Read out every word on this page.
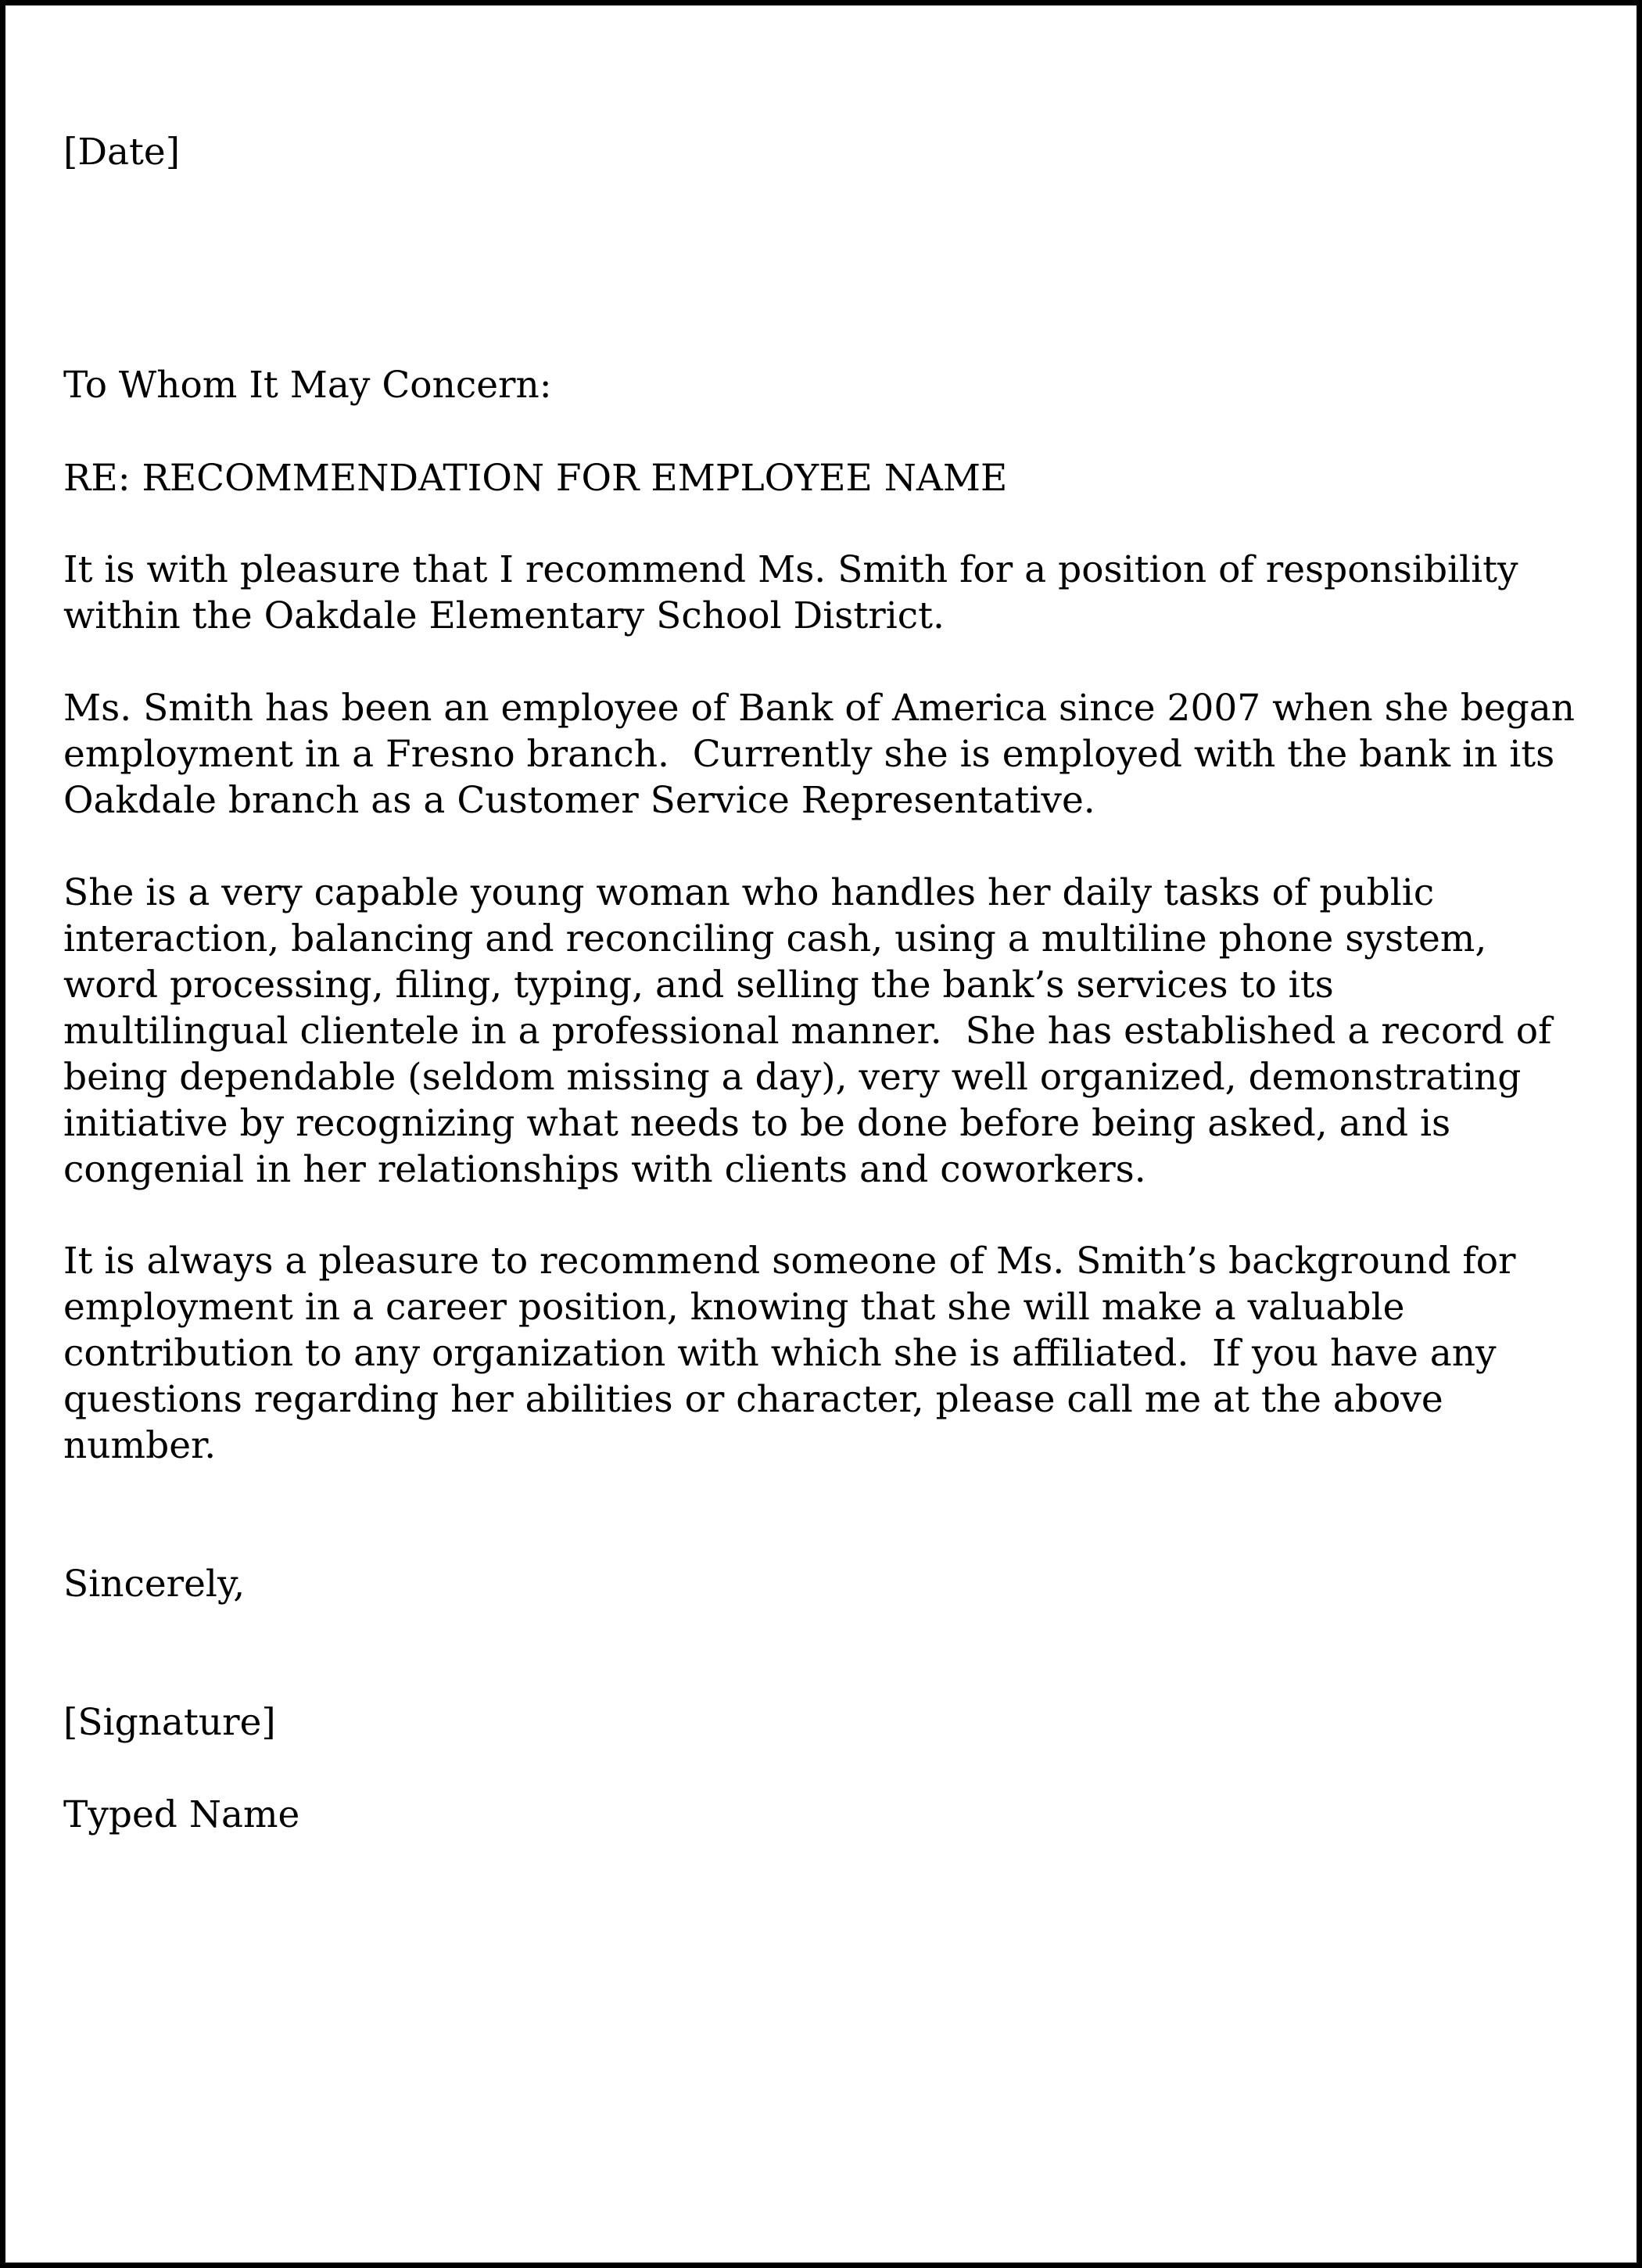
[Date]
To Whom It May Concern:
RE: RECOMMENDATION FOR EMPLOYEE NAME
It is with pleasure that I recommend Ms. Smith for a position of responsibility
within the Oakdale Elementary School District.
Ms. Smith has been an employee of Bank of America since 2007 when she began
employment in a Fresno branch.  Currently she is employed with the bank in its
Oakdale branch as a Customer Service Representative.
She is a very capable young woman who handles her daily tasks of public
interaction, balancing and reconciling cash, using a multiline phone system,
word processing, filing, typing, and selling the bank’s services to its
multilingual clientele in a professional manner.  She has established a record of
being dependable (seldom missing a day), very well organized, demonstrating
initiative by recognizing what needs to be done before being asked, and is
congenial in her relationships with clients and coworkers.
It is always a pleasure to recommend someone of Ms. Smith’s background for
employment in a career position, knowing that she will make a valuable
contribution to any organization with which she is affiliated.  If you have any
questions regarding her abilities or character, please call me at the above
number.
Sincerely,
[Signature]
Typed Name
